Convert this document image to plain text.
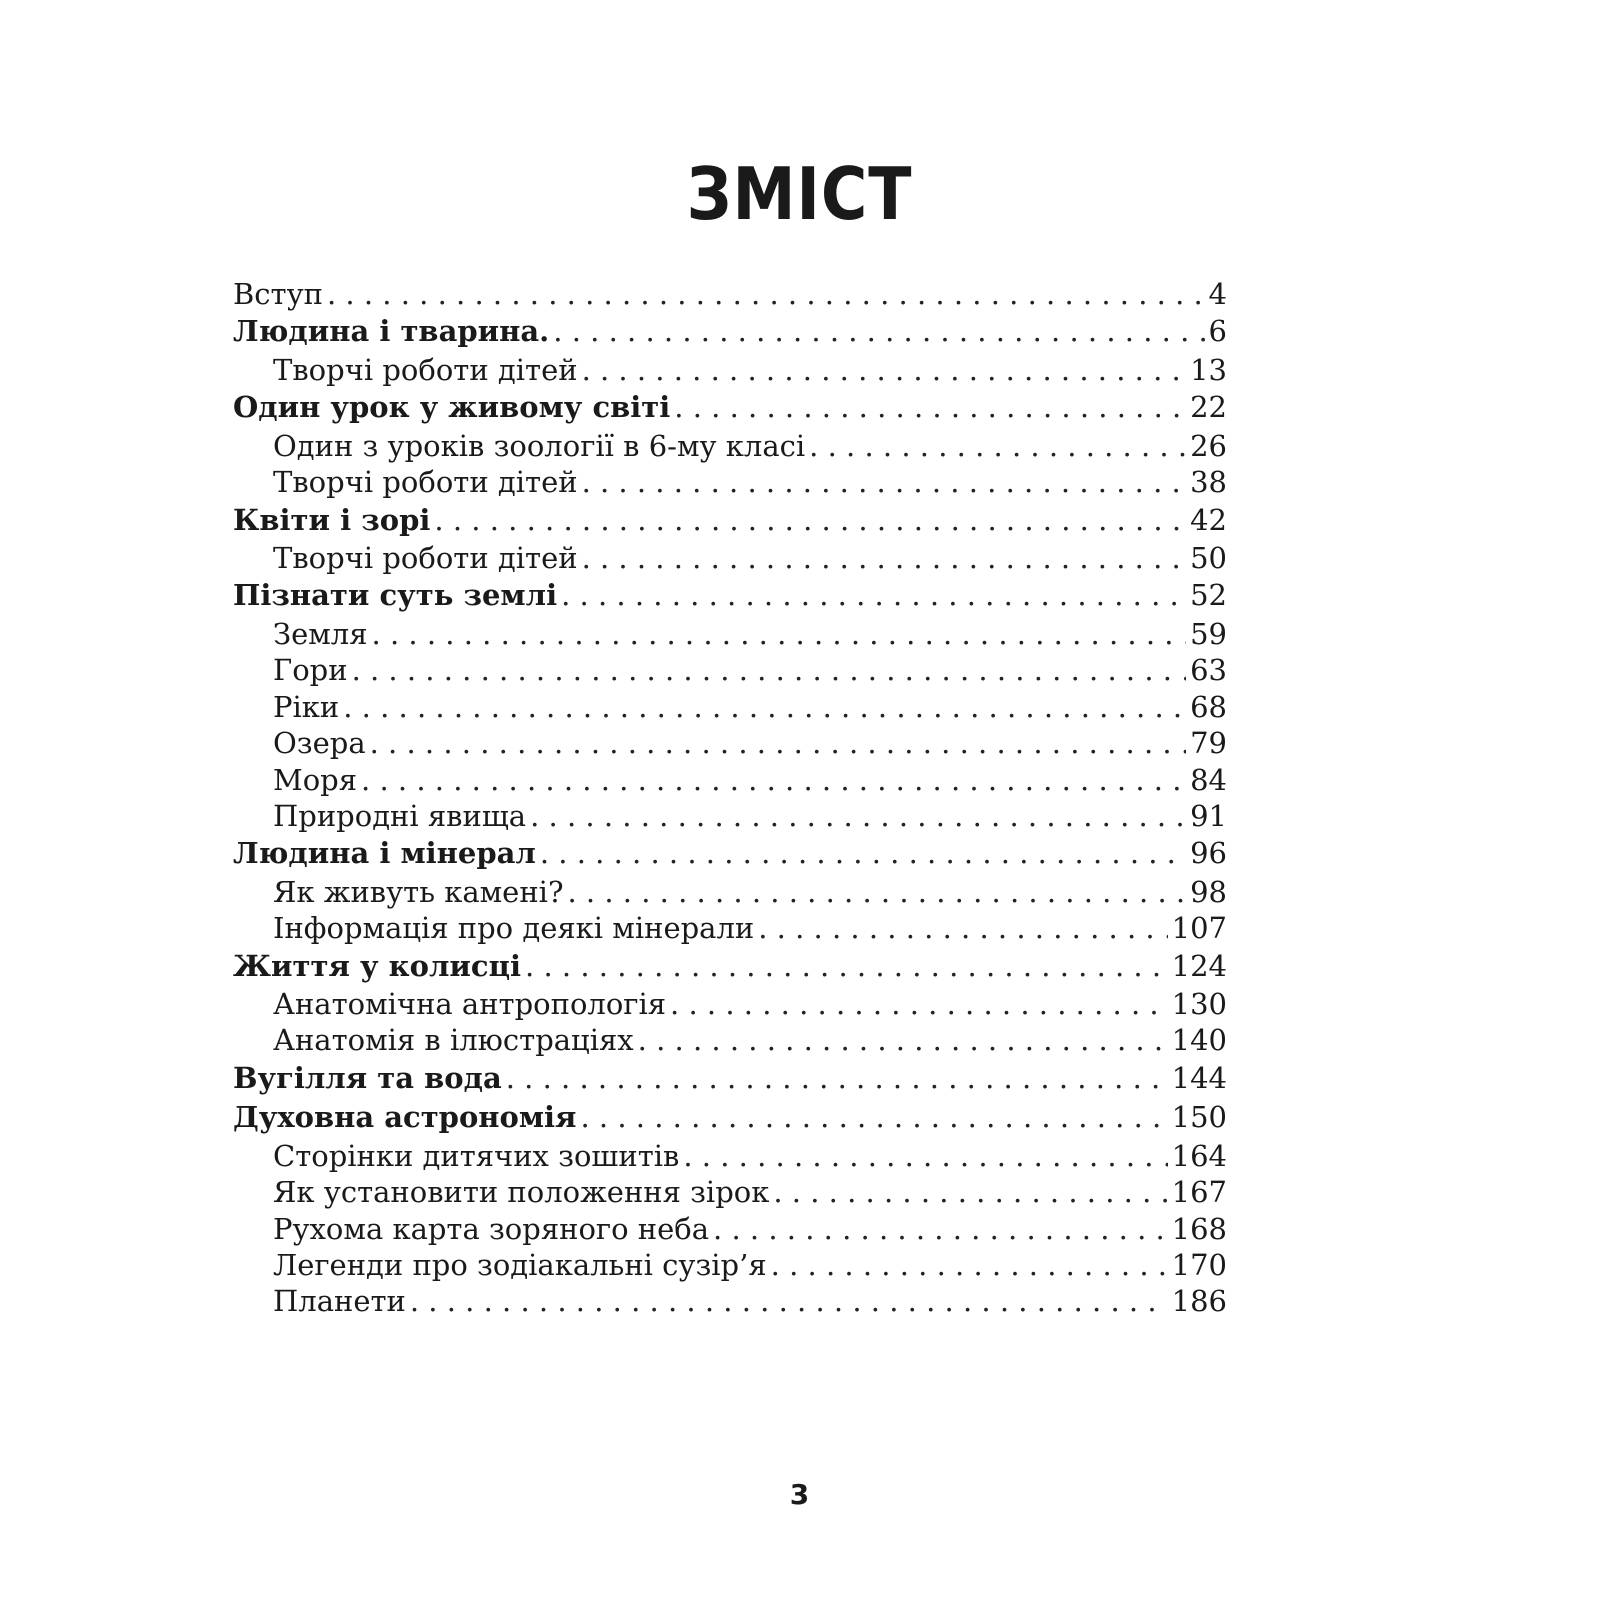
ЗМІСТ
Вступ . . .	4
Людина і тварина. . . .	6
Творчі роботи дітей . . .	13
Один урок у живому світі . . .	22
Один з уроків зоології в 6-му класі . . .	26
Творчі роботи дітей . . .	38
Квіти і зорі . . .	42
Творчі роботи дітей . . .	50
Пізнати суть землі . . .	52
Земля . . .	59
Гори . . .	63
Ріки . . .	68
Озера . . .	79
Моря . . .	84
Природні явища . . .	91
Людина і мінерал . . .	96
Як живуть камені? . . .	98
Інформація про деякі мінерали . . .	107
Життя у колисці . . .	124
Анатомічна антропологія . . .	130
Анатомія в ілюстраціях . . .	140
Вугілля та вода . . .	144
Духовна астрономія . . .	150
Сторінки дитячих зошитів . . .	164
Як установити положення зірок . . .	167
Рухома карта зоряного неба . . .	168
Легенди про зодіакальні сузір’я . . .	170
Планети . . .	186
3
